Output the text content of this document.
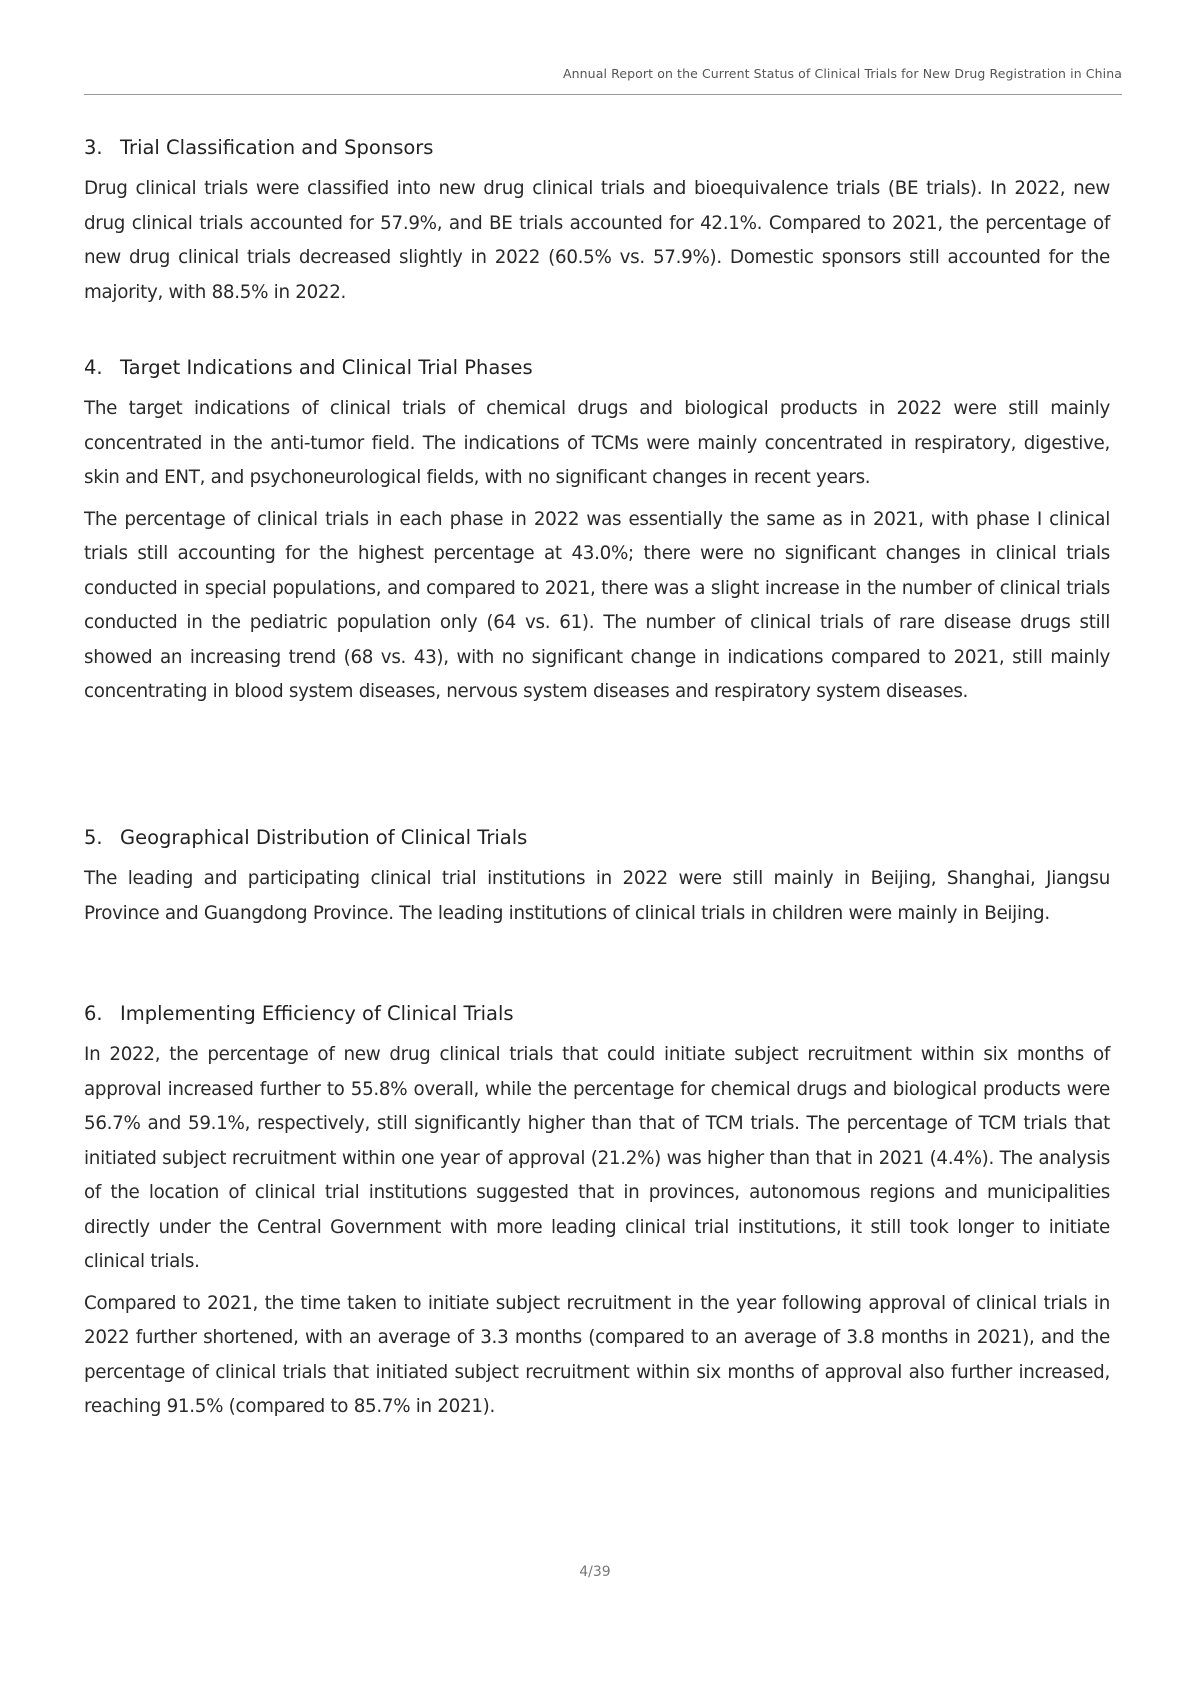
Annual Report on the Current Status of Clinical Trials for New Drug Registration in China
3. Trial Classification and Sponsors

Drug clinical trials were classified into new drug clinical trials and bioequivalence trials (BE trials). In 2022, new drug clinical trials accounted for 57.9%, and BE trials accounted for 42.1%. Compared to 2021, the percentage of new drug clinical trials decreased slightly in 2022 (60.5% vs. 57.9%). Domestic sponsors still accounted for the majority, with 88.5% in 2022.

4. Target Indications and Clinical Trial Phases

The target indications of clinical trials of chemical drugs and biological products in 2022 were still mainly concentrated in the anti-tumor field. The indications of TCMs were mainly concentrated in respiratory, digestive, skin and ENT, and psychoneurological fields, with no significant changes in recent years.

The percentage of clinical trials in each phase in 2022 was essentially the same as in 2021, with phase I clinical trials still accounting for the highest percentage at 43.0%; there were no significant changes in clinical trials conducted in special populations, and compared to 2021, there was a slight increase in the number of clinical trials conducted in the pediatric population only (64 vs. 61). The number of clinical trials of rare disease drugs still showed an increasing trend (68 vs. 43), with no significant change in indications compared to 2021, still mainly concentrating in blood system diseases, nervous system diseases and respiratory system diseases.

5. Geographical Distribution of Clinical Trials

The leading and participating clinical trial institutions in 2022 were still mainly in Beijing, Shanghai, Jiangsu Province and Guangdong Province. The leading institutions of clinical trials in children were mainly in Beijing.

6. Implementing Efficiency of Clinical Trials

In 2022, the percentage of new drug clinical trials that could initiate subject recruitment within six months of approval increased further to 55.8% overall, while the percentage for chemical drugs and biological products were 56.7% and 59.1%, respectively, still significantly higher than that of TCM trials. The percentage of TCM trials that initiated subject recruitment within one year of approval (21.2%) was higher than that in 2021 (4.4%). The analysis of the location of clinical trial institutions suggested that in provinces, autonomous regions and municipalities directly under the Central Government with more leading clinical trial institutions, it still took longer to initiate clinical trials.

Compared to 2021, the time taken to initiate subject recruitment in the year following approval of clinical trials in 2022 further shortened, with an average of 3.3 months (compared to an average of 3.8 months in 2021), and the percentage of clinical trials that initiated subject recruitment within six months of approval also further increased, reaching 91.5% (compared to 85.7% in 2021).

4/39
